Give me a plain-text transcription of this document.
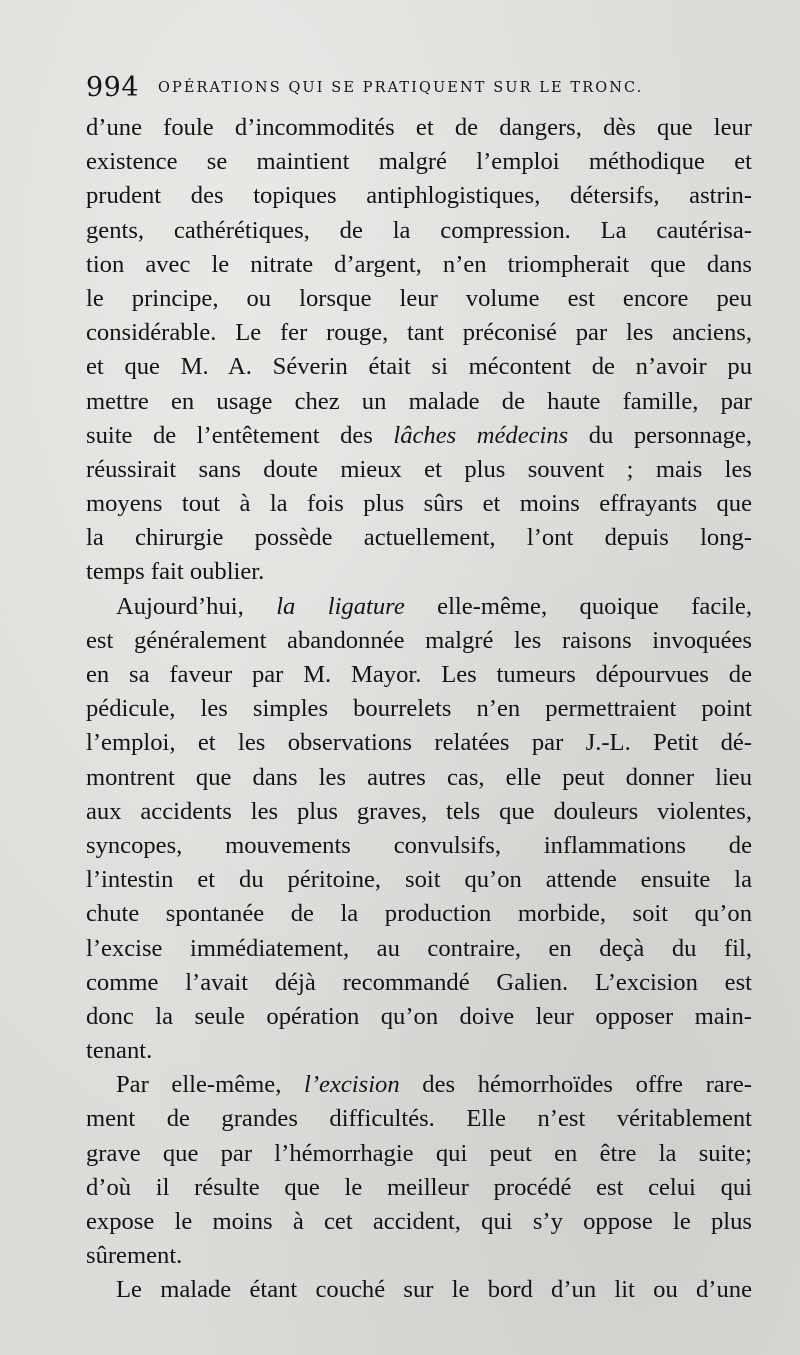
994 OPÉRATIONS QUI SE PRATIQUENT SUR LE TRONC.
d’une foule d’incommodités et de dangers, dès que leur
existence se maintient malgré l’emploi méthodique et
prudent des topiques antiphlogistiques, détersifs, astrin-
gents, cathérétiques, de la compression. La cautérisa-
tion avec le nitrate d’argent, n’en triompherait que dans
le principe, ou lorsque leur volume est encore peu
considérable. Le fer rouge, tant préconisé par les anciens,
et que M. A. Séverin était si mécontent de n’avoir pu
mettre en usage chez un malade de haute famille, par
suite de l’entêtement des lâches médecins du personnage,
réussirait sans doute mieux et plus souvent ; mais les
moyens tout à la fois plus sûrs et moins effrayants que
la chirurgie possède actuellement, l’ont depuis long-
temps fait oublier.
Aujourd’hui, la ligature elle-même, quoique facile,
est généralement abandonnée malgré les raisons invoquées
en sa faveur par M. Mayor. Les tumeurs dépourvues de
pédicule, les simples bourrelets n’en permettraient point
l’emploi, et les observations relatées par J.-L. Petit dé-
montrent que dans les autres cas, elle peut donner lieu
aux accidents les plus graves, tels que douleurs violentes,
syncopes, mouvements convulsifs, inflammations de
l’intestin et du péritoine, soit qu’on attende ensuite la
chute spontanée de la production morbide, soit qu’on
l’excise immédiatement, au contraire, en deçà du fil,
comme l’avait déjà recommandé Galien. L’excision est
donc la seule opération qu’on doive leur opposer main-
tenant.
Par elle-même, l’excision des hémorrhoïdes offre rare-
ment de grandes difficultés. Elle n’est véritablement
grave que par l’hémorrhagie qui peut en être la suite;
d’où il résulte que le meilleur procédé est celui qui
expose le moins à cet accident, qui s’y oppose le plus
sûrement.
Le malade étant couché sur le bord d’un lit ou d’une
